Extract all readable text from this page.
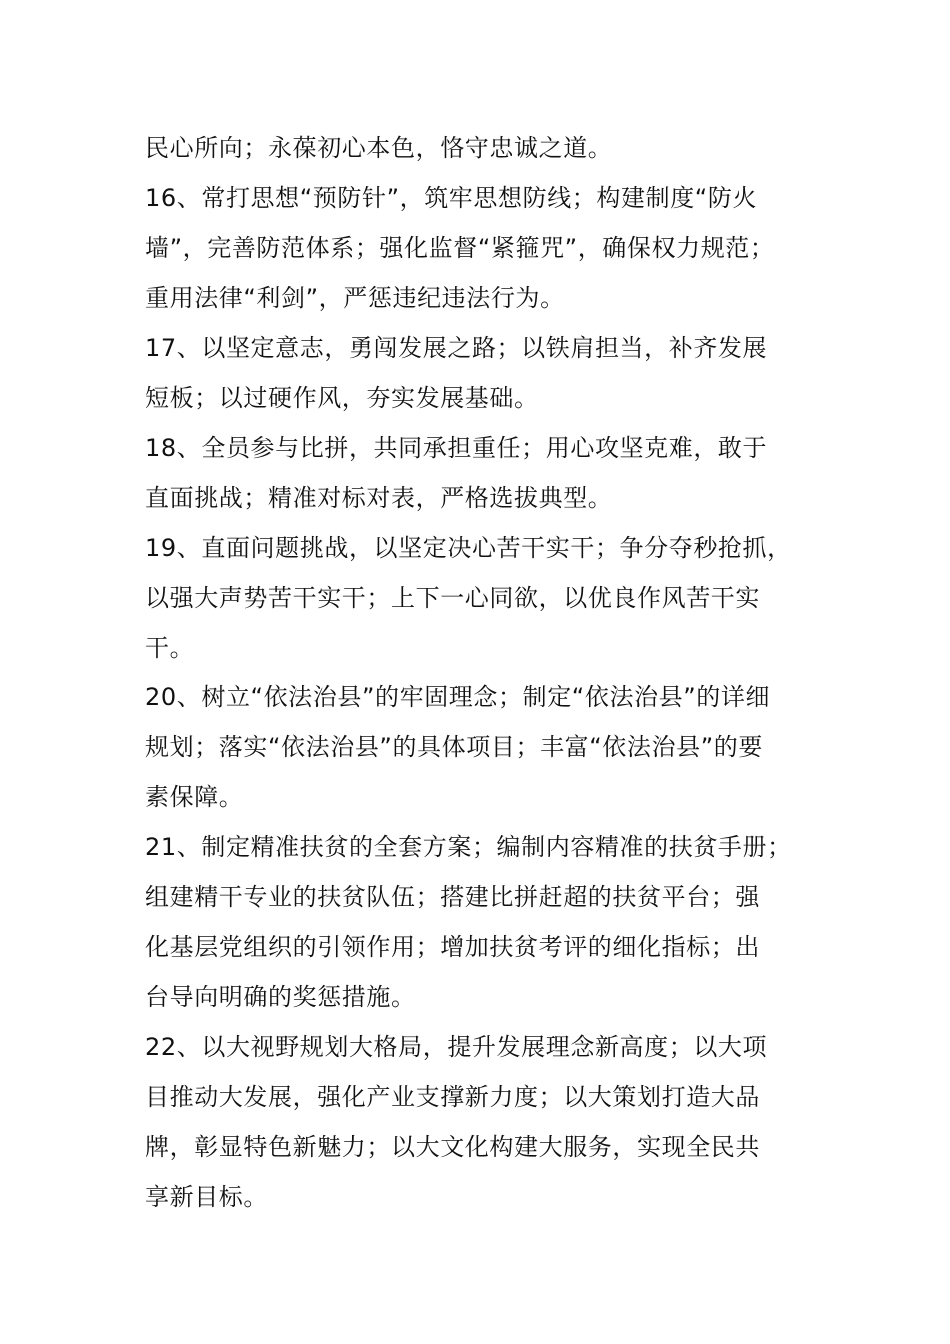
民心所向；永葆初心本色，恪守忠诚之道。
16、常打思想“预防针”，筑牢思想防线；构建制度“防火
墙”，完善防范体系；强化监督“紧箍咒”，确保权力规范；
重用法律“利剑”，严惩违纪违法行为。
17、以坚定意志，勇闯发展之路；以铁肩担当，补齐发展
短板；以过硬作风，夯实发展基础。
18、全员参与比拼，共同承担重任；用心攻坚克难，敢于
直面挑战；精准对标对表，严格选拔典型。
19、直面问题挑战，以坚定决心苦干实干；争分夺秒抢抓，
以强大声势苦干实干；上下一心同欲，以优良作风苦干实
干。
20、树立“依法治县”的牢固理念；制定“依法治县”的详细
规划；落实“依法治县”的具体项目；丰富“依法治县”的要
素保障。
21、制定精准扶贫的全套方案；编制内容精准的扶贫手册；
组建精干专业的扶贫队伍；搭建比拼赶超的扶贫平台；强
化基层党组织的引领作用；增加扶贫考评的细化指标；出
台导向明确的奖惩措施。
22、以大视野规划大格局，提升发展理念新高度；以大项
目推动大发展，强化产业支撑新力度；以大策划打造大品
牌，彰显特色新魅力；以大文化构建大服务，实现全民共
享新目标。
